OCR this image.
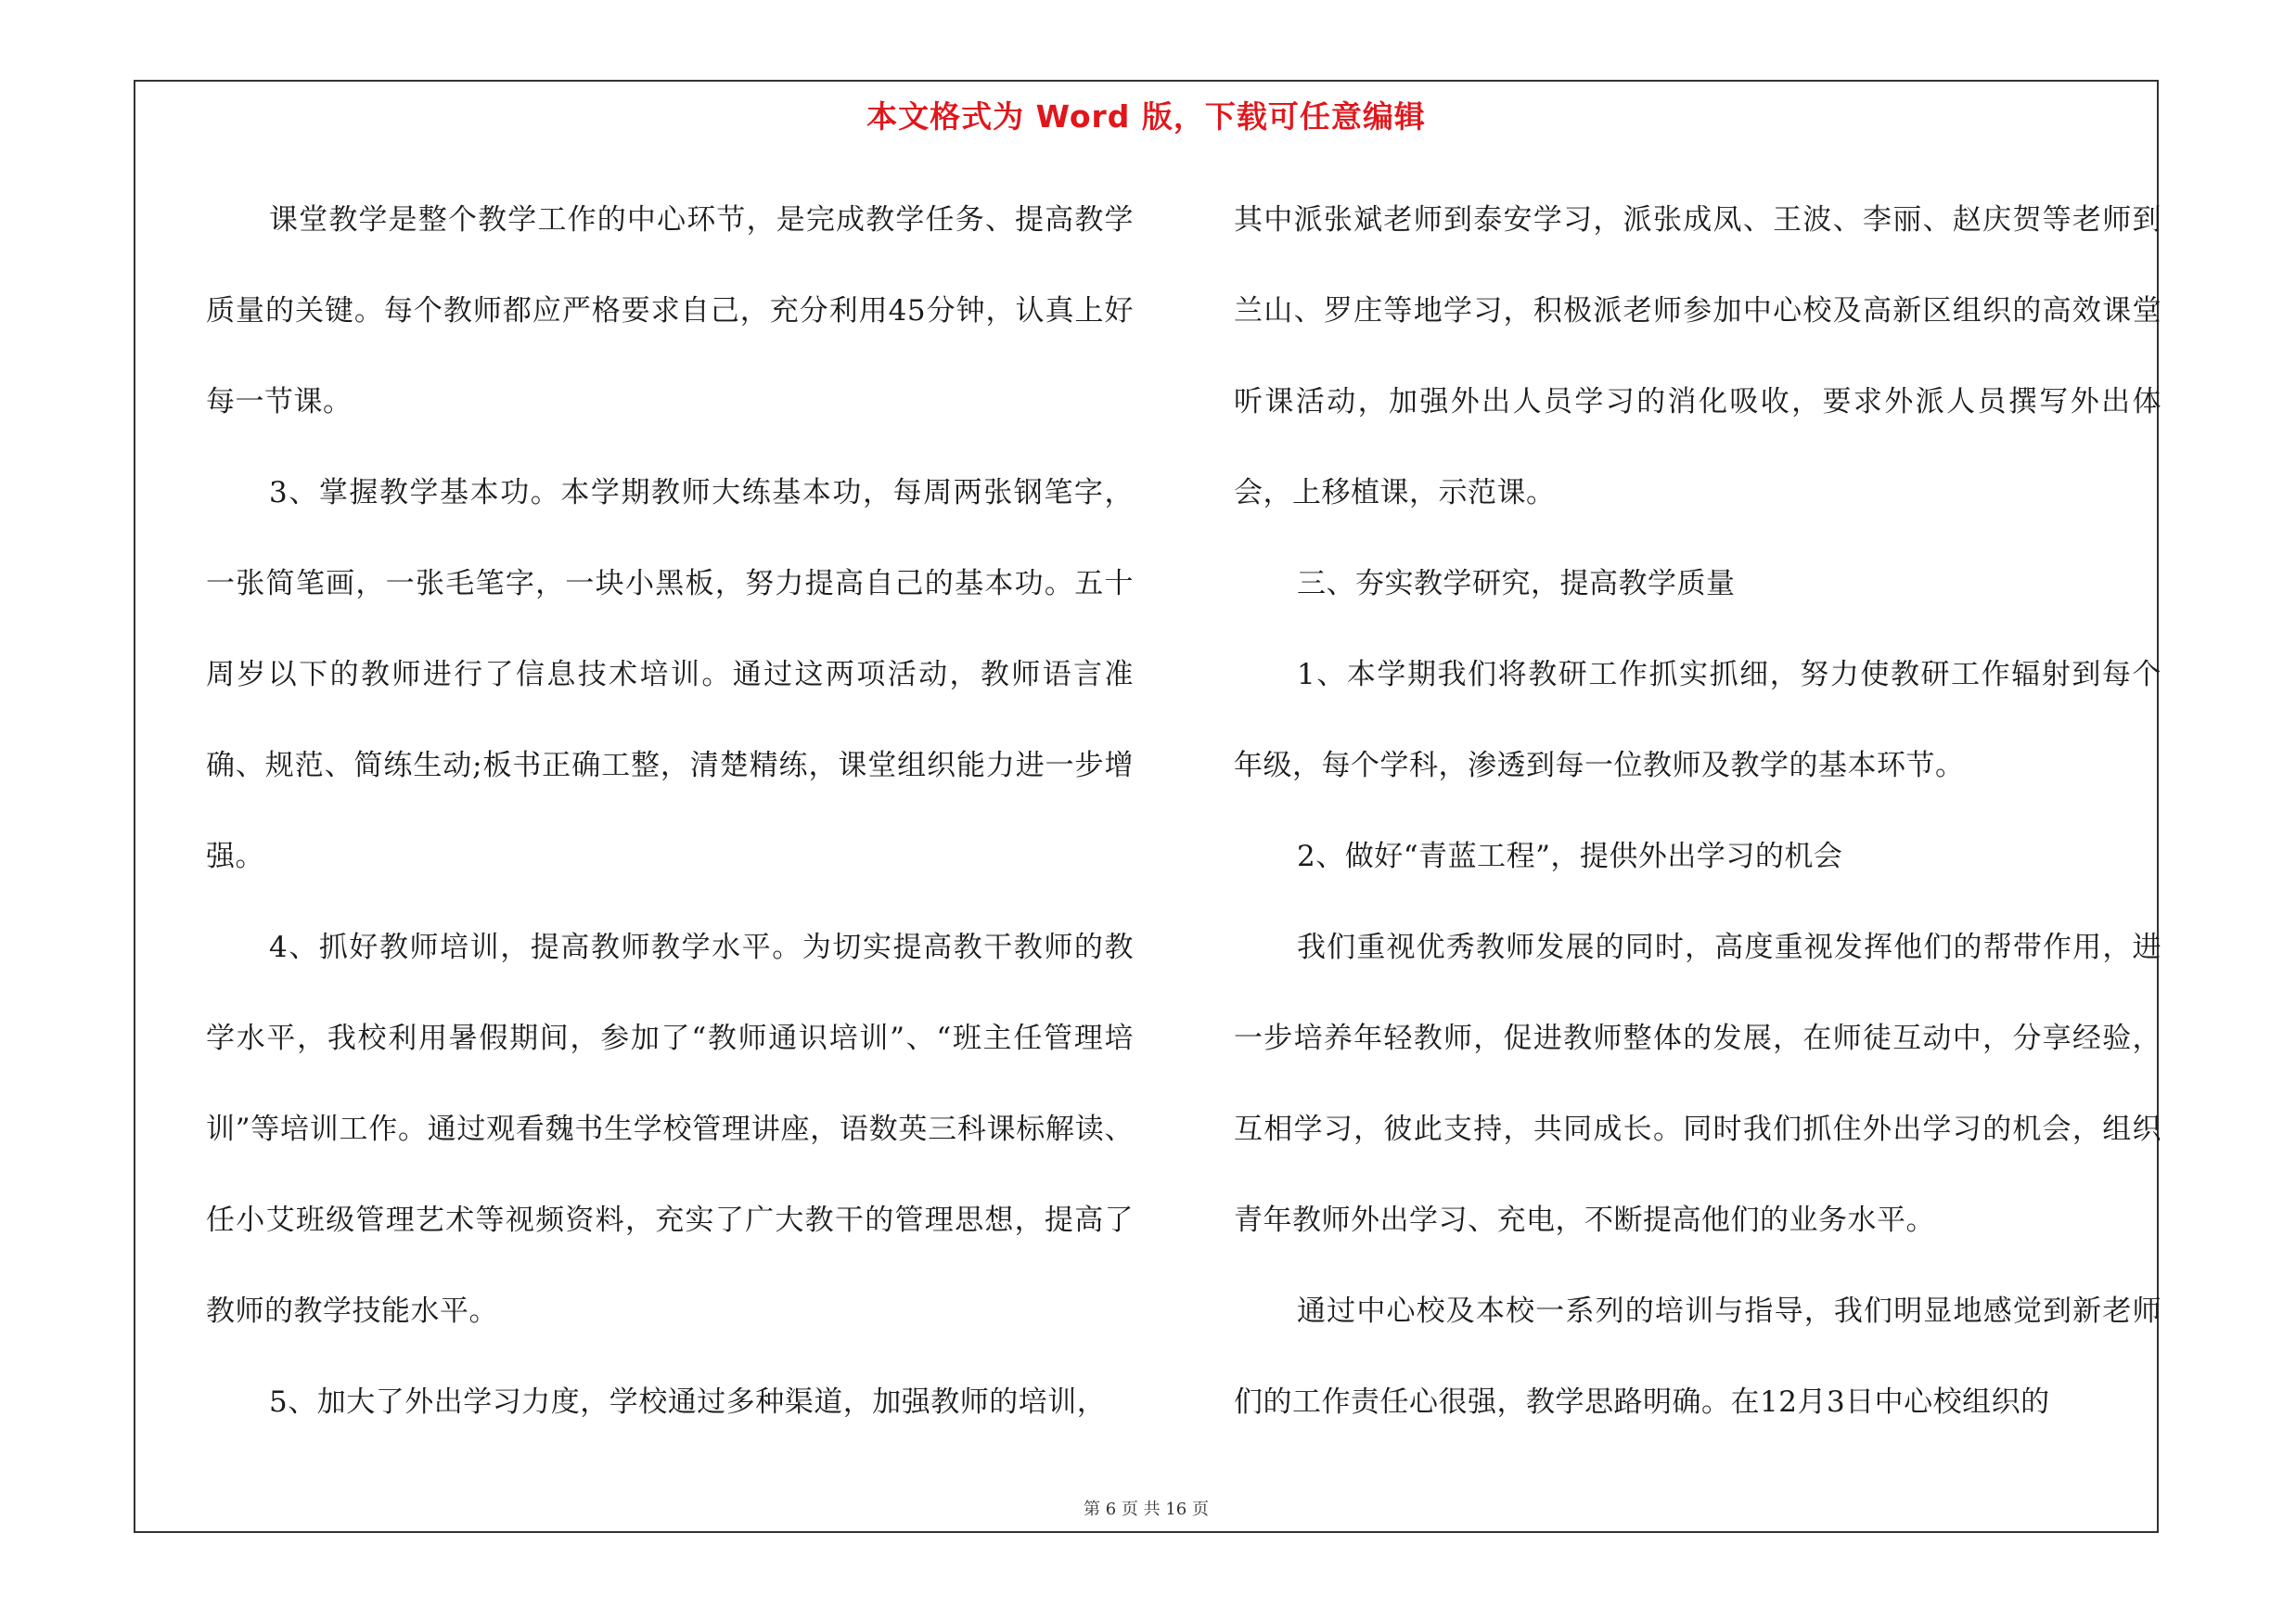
本文格式为 Word 版，下载可任意编辑

课堂教学是整个教学工作的中心环节，是完成教学任务、提高教学质量的关键。每个教师都应严格要求自己，充分利用45分钟，认真上好每一节课。

3、掌握教学基本功。本学期教师大练基本功，每周两张钢笔字，一张简笔画，一张毛笔字，一块小黑板，努力提高自己的基本功。五十周岁以下的教师进行了信息技术培训。通过这两项活动，教师语言准确、规范、简练生动;板书正确工整，清楚精练，课堂组织能力进一步增强。

4、抓好教师培训，提高教师教学水平。为切实提高教干教师的教学水平，我校利用暑假期间，参加了“教师通识培训”、“班主任管理培训”等培训工作。通过观看魏书生学校管理讲座，语数英三科课标解读、任小艾班级管理艺术等视频资料，充实了广大教干的管理思想，提高了教师的教学技能水平。

5、加大了外出学习力度，学校通过多种渠道，加强教师的培训，

其中派张斌老师到泰安学习，派张成凤、王波、李丽、赵庆贺等老师到兰山、罗庄等地学习，积极派老师参加中心校及高新区组织的高效课堂听课活动，加强外出人员学习的消化吸收，要求外派人员撰写外出体会，上移植课，示范课。

三、夯实教学研究，提高教学质量

1、本学期我们将教研工作抓实抓细，努力使教研工作辐射到每个年级，每个学科，渗透到每一位教师及教学的基本环节。

2、做好“青蓝工程”，提供外出学习的机会

我们重视优秀教师发展的同时，高度重视发挥他们的帮带作用，进一步培养年轻教师，促进教师整体的发展，在师徒互动中，分享经验，互相学习，彼此支持，共同成长。同时我们抓住外出学习的机会，组织青年教师外出学习、充电，不断提高他们的业务水平。

通过中心校及本校一系列的培训与指导，我们明显地感觉到新老师们的工作责任心很强，教学思路明确。在12月3日中心校组织的

第 6 页 共 16 页
